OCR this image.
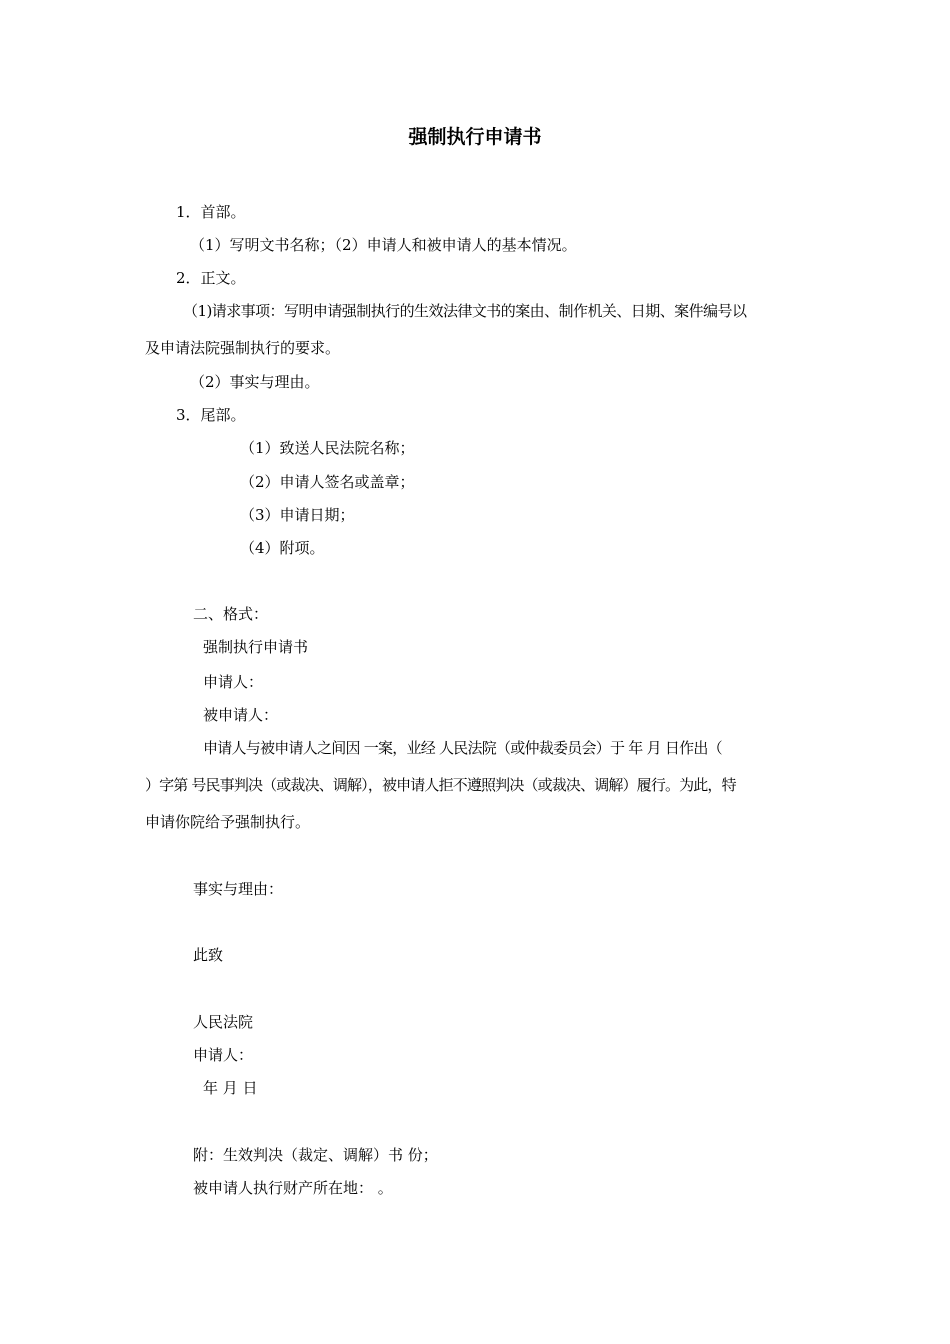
强制执行申请书
1．首部。
（1）写明文书名称；（2）申请人和被申请人的基本情况。
2．正文。
（1)请求事项：写明申请强制执行的生效法律文书的案由、制作机关、日期、案件编号以
及申请法院强制执行的要求。
（2）事实与理由。
3．尾部。
（1）致送人民法院名称；
（2）申请人签名或盖章；
（3）申请日期；
（4）附项。
二、格式：
强制执行申请书
申请人：
被申请人：
申请人与被申请人之间因 一案，业经 人民法院（或仲裁委员会）于 年 月 日作出（
）字第 号民事判决（或裁决、调解），被申请人拒不遵照判决（或裁决、调解）履行。为此，特
申请你院给予强制执行。
事实与理由：
此致
人民法院
申请人：
年 月 日
附：生效判决（裁定、调解）书 份；
被申请人执行财产所在地： 。
